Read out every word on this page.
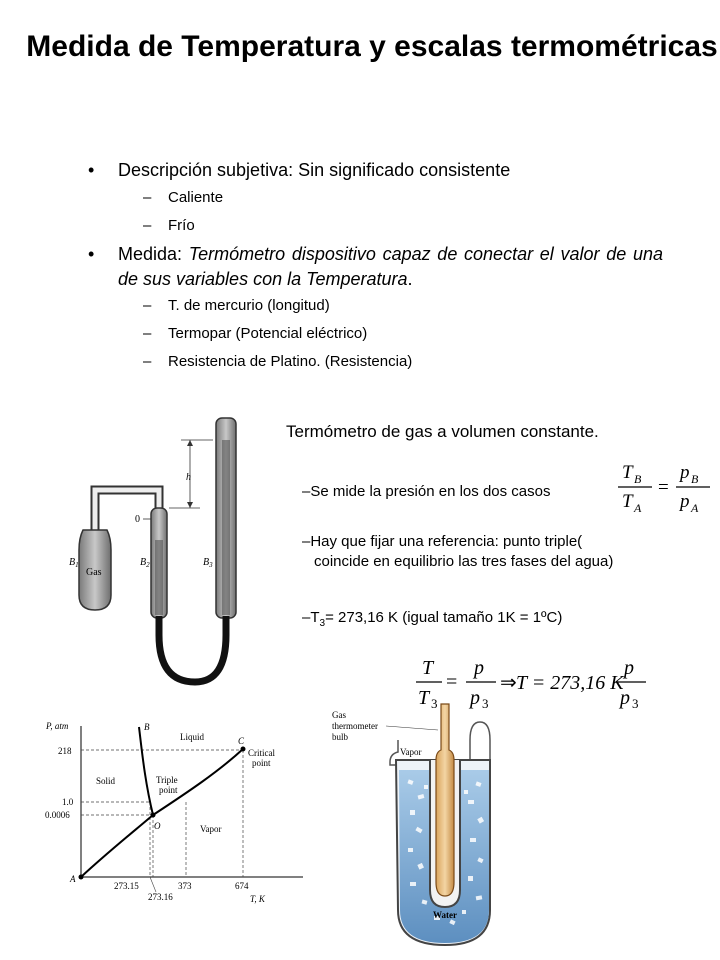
Medida de Temperatura y escalas termométricas
• Descripción subjetiva: Sin significado consistente
– Caliente
– Frío
• Medida: Termómetro dispositivo capaz de conectar el valor de una de sus variables con la Temperatura.
– T. de mercurio (longitud)
– Termopar (Potencial eléctrico)
– Resistencia de Platino. (Resistencia)
Termómetro de gas a volumen constante.
–Se mide la presión en los dos casos
–Hay que fijar una referencia: punto triple(
coincide en equilibrio las tres fases del agua)
$-T_3= 273,16$ K (igual tamaño 1K = 1ºC)
T B
T A
=
p B
p A
T
T 3
=
p
p 3
⇒ T = 273,16 K
p
p 3
h
0
$B_1$
Gas
$B_2$	$B_3$
P, atm
T, K
218
1.0
0.0006
273.15	373	674
273.16
Liquid
Solid
Vapor
Triple
point
Critical
point
A
B
C
O
Gas
thermometer
bulb
Vapor
Water
